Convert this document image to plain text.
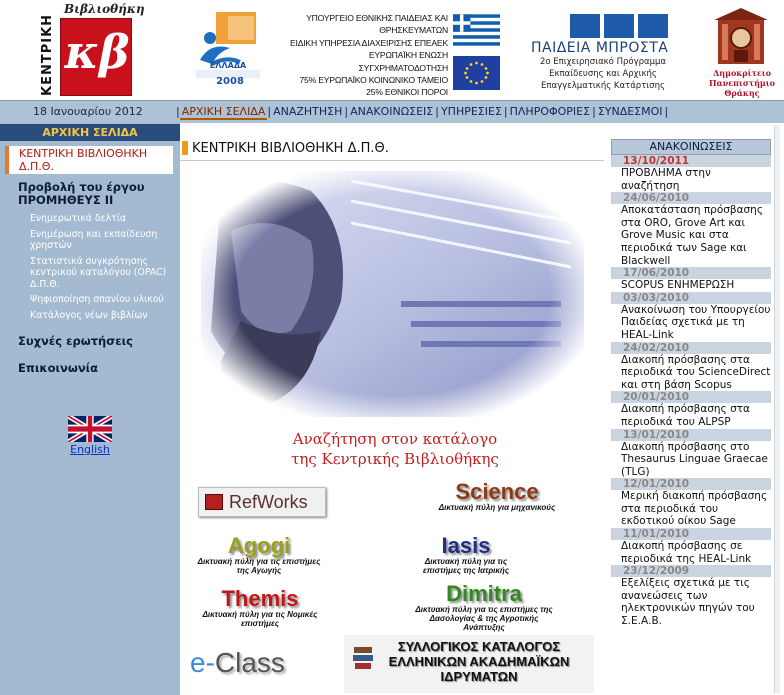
ΚΕΝΤΡΙΚΗ
Βιβλιοθήκη
κβ	ΕΛΛΑΔΑ
2008
ΥΠΟΥΡΓΕΙΟ ΕΘΝΙΚΗΣ ΠΑΙΔΕΙΑΣ ΚΑΙ ΘΡΗΣΚΕΥΜΑΤΩΝ
ΕΙΔΙΚΗ ΥΠΗΡΕΣΙΑ ΔΙΑΧΕΙΡΙΣΗΣ ΕΠΕΑΕΚ
ΕΥΡΩΠΑΪΚΗ ΕΝΩΣΗ
ΣΥΓΧΡΗΜΑΤΟΔΟΤΗΣΗ
75% ΕΥΡΩΠΑΪΚΟ ΚΟΙΝΩΝΙΚΟ ΤΑΜΕΙΟ
25% ΕΘΝΙΚΟΙ ΠΟΡΟΙ
ΠΑΙΔΕΙΑ ΜΠΡΟΣΤΑ
2ο Επιχειρησιακό Πρόγραμμα Εκπαίδευσης και Αρχικής Επαγγελματικής Κατάρτισης
Δημοκρίτειο Πανεπιστήμιο Θράκης
18 Ιανουαρίου 2012	| ΑΡΧΙΚΗ ΣΕΛΙΔΑ | ΑΝΑΖΗΤΗΣΗ | ΑΝΑΚΟΙΝΩΣΕΙΣ | ΥΠΗΡΕΣΙΕΣ | ΠΛΗΡΟΦΟΡΙΕΣ | ΣΥΝΔΕΣΜΟΙ |
ΑΡΧΙΚΗ ΣΕΛΙΔΑ
ΚΕΝΤΡΙΚΗ ΒΙΒΛΙΟΘΗΚΗ Δ.Π.Θ.
Προβολή του έργου ΠΡΟΜΗΘΕΥΣ ΙΙ
Ενημερωτικά δελτία
Ενημέρωση και εκπαίδευση χρηστών
Στατιστικά συγκρότησης κεντρικού καταλόγου (OPAC) Δ.Π.Θ.
Ψηφιοποίηση σπανίου υλικού
Κατάλογος νέων βιβλίων
Συχνές ερωτήσεις
Επικοινωνία
English
ΚΕΝΤΡΙΚΗ ΒΙΒΛΙΟΘΗΚΗ Δ.Π.Θ.
Αναζήτηση στον κατάλογο
της Κεντρικής Βιβλιοθήκης
RefWorks	Science
Δικτυακή πύλη για μηχανικούς
Agogi
Δικτυακή πύλη για τις επιστήμες της Αγωγής
Iasis
Δικτυακή πύλη για τις επιστήμες της Ιατρικής
Themis
Δικτυακή πύλη για τις Νομικές επιστήμες
Dimitra
Δικτυακή πύλη για τις επιστήμες της Δασολογίας & της Αγροτικής Ανάπτυξης
e-Class
ΣΥΛΛΟΓΙΚΟΣ ΚΑΤΑΛΟΓΟΣ ΕΛΛΗΝΙΚΩΝ ΑΚΑΔΗΜΑΪΚΩΝ ΙΔΡΥΜΑΤΩΝ
ΑΝΑΚΟΙΝΩΣΕΙΣ
13/10/2011
ΠΡΟΒΛΗΜΑ στην αναζήτηση
24/06/2010
Αποκατάσταση πρόσβασης στα ORO, Grove Art και Grove Music και στα περιοδικά των Sage και Blackwell
17/06/2010
SCOPUS ΕΝΗΜΕΡΩΣΗ
03/03/2010
Ανακοίνωση του Υπουργείου Παιδείας σχετικά με τη HEAL-Link
24/02/2010
Διακοπή πρόσβασης στα περιοδικά του ScienceDirect και στη βάση Scopus
20/01/2010
Διακοπή πρόσβασης στα περιοδικά του ALPSP
13/01/2010
Διακοπή πρόσβασης στο Thesaurus Linguae Graecae (TLG)
12/01/2010
Μερική διακοπή πρόσβασης στα περιοδικά του εκδοτικού οίκου Sage
11/01/2010
Διακοπή πρόσβασης σε περιοδικά της HEAL-Link
23/12/2009
Εξελίξεις σχετικά με τις ανανεώσεις των ηλεκτρονικών πηγών του Σ.Ε.Α.Β.
